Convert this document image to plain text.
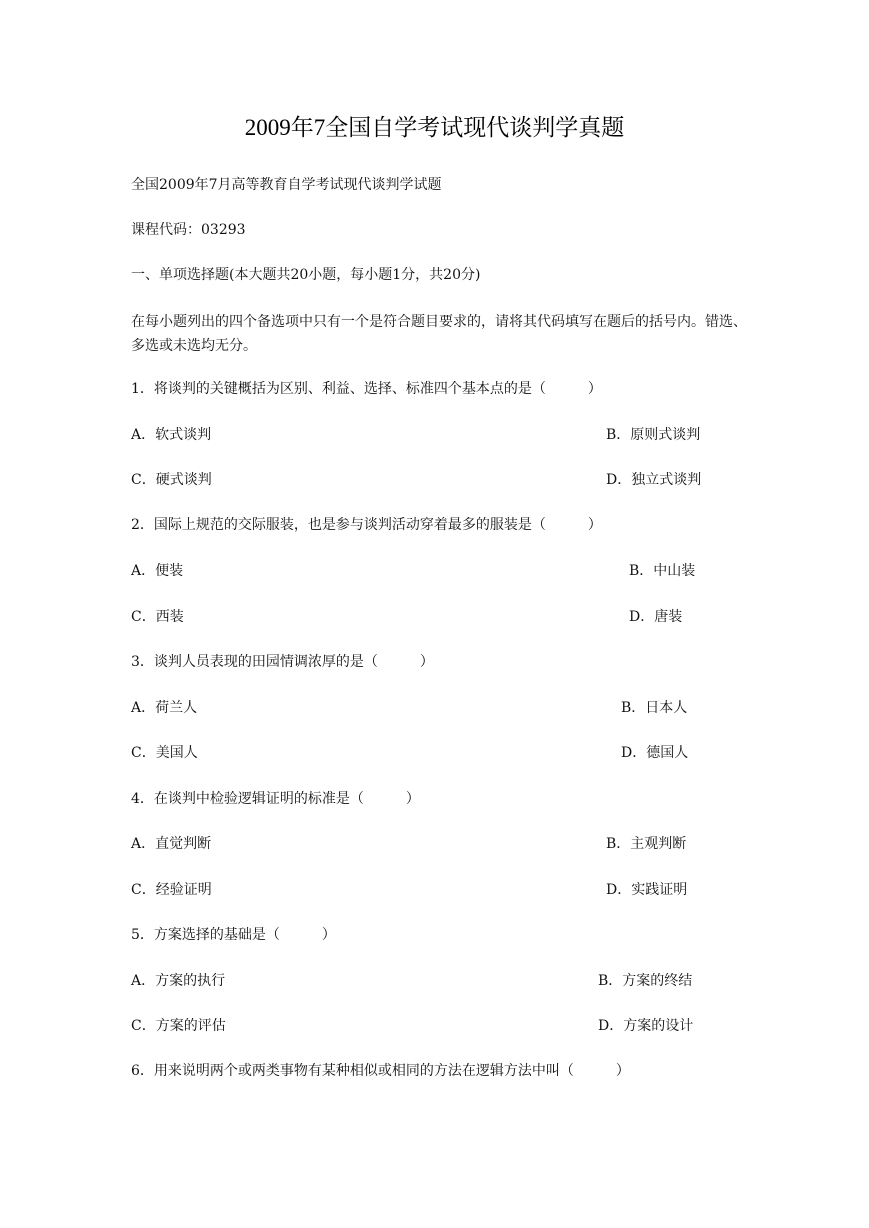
2009年7全国自学考试现代谈判学真题
全国2009年7月高等教育自学考试现代谈判学试题
课程代码：03293
一、单项选择题(本大题共20小题，每小题1分，共20分)
在每小题列出的四个备选项中只有一个是符合题目要求的，请将其代码填写在题后的括号内。错选、多选或未选均无分。
1．将谈判的关键概括为区别、利益、选择、标准四个基本点的是（　　　）
A．软式谈判	B．原则式谈判
C．硬式谈判	D．独立式谈判
2．国际上规范的交际服装，也是参与谈判活动穿着最多的服装是（　　　）
A．便装	B．中山装
C．西装	D．唐装
3．谈判人员表现的田园情调浓厚的是（　　　）
A．荷兰人	B．日本人
C．美国人	D．德国人
4．在谈判中检验逻辑证明的标准是（　　　）
A．直觉判断	B．主观判断
C．经验证明	D．实践证明
5．方案选择的基础是（　　　）
A．方案的执行	B．方案的终结
C．方案的评估	D．方案的设计
6．用来说明两个或两类事物有某种相似或相同的方法在逻辑方法中叫（　　　）
